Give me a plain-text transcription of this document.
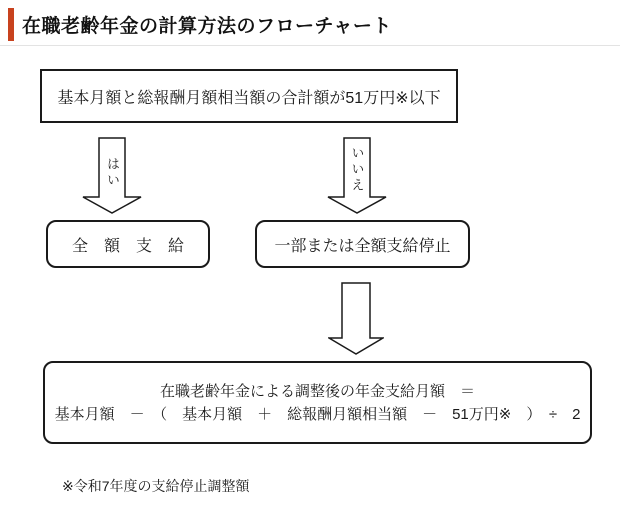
在職老齢年金の計算方法のフローチャート
基本月額と総報酬月額相当額の合計額が51万円※以下
はい	いいえ
全　額　支　給	一部または全額支給停止
在職老齢年金による調整後の年金支給月額　＝
基本月額　－　（　基本月額　＋　総報酬月額相当額　－　51万円※　）　÷　2
※令和7年度の支給停止調整額
